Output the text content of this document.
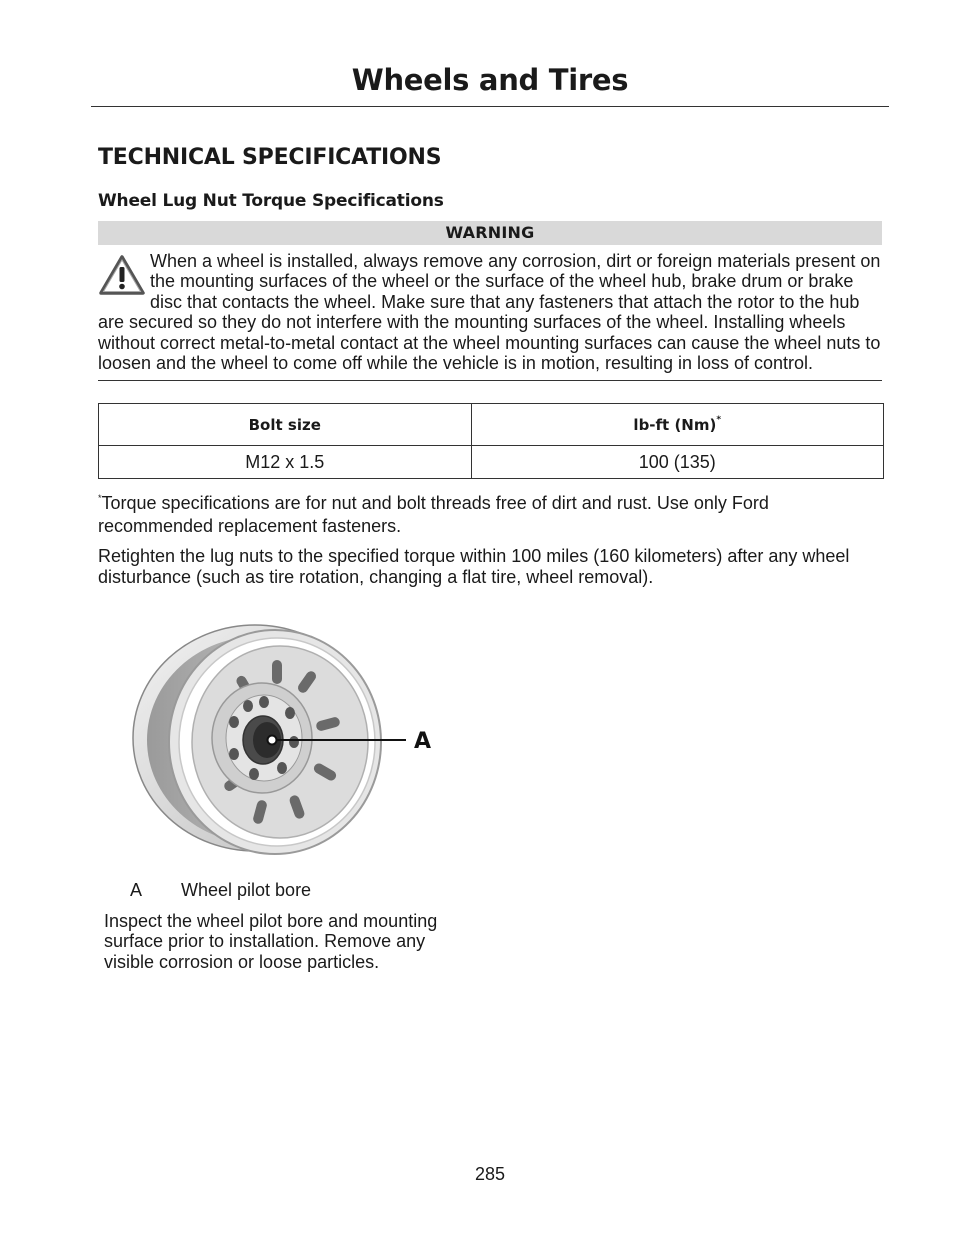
Wheels and Tires
TECHNICAL SPECIFICATIONS
Wheel Lug Nut Torque Specifications
WARNING
When a wheel is installed, always remove any corrosion, dirt or foreign materials present on the mounting surfaces of the wheel or the surface of the wheel hub, brake drum or brake disc that contacts the wheel. Make sure that any fasteners that attach the rotor to the hub are secured so they do not interfere with the mounting surfaces of the wheel. Installing wheels without correct metal-to-metal contact at the wheel mounting surfaces can cause the wheel nuts to loosen and the wheel to come off while the vehicle is in motion, resulting in loss of control.
Bolt size	lb-ft (Nm)*
M12 x 1.5	100 (135)

*Torque specifications are for nut and bolt threads free of dirt and rust. Use only Ford recommended replacement fasteners.

Retighten the lug nuts to the specified torque within 100 miles (160 kilometers) after any wheel disturbance (such as tire rotation, changing a flat tire, wheel removal).

A
A Wheel pilot bore

Inspect the wheel pilot bore and mounting surface prior to installation. Remove any visible corrosion or loose particles.

285
